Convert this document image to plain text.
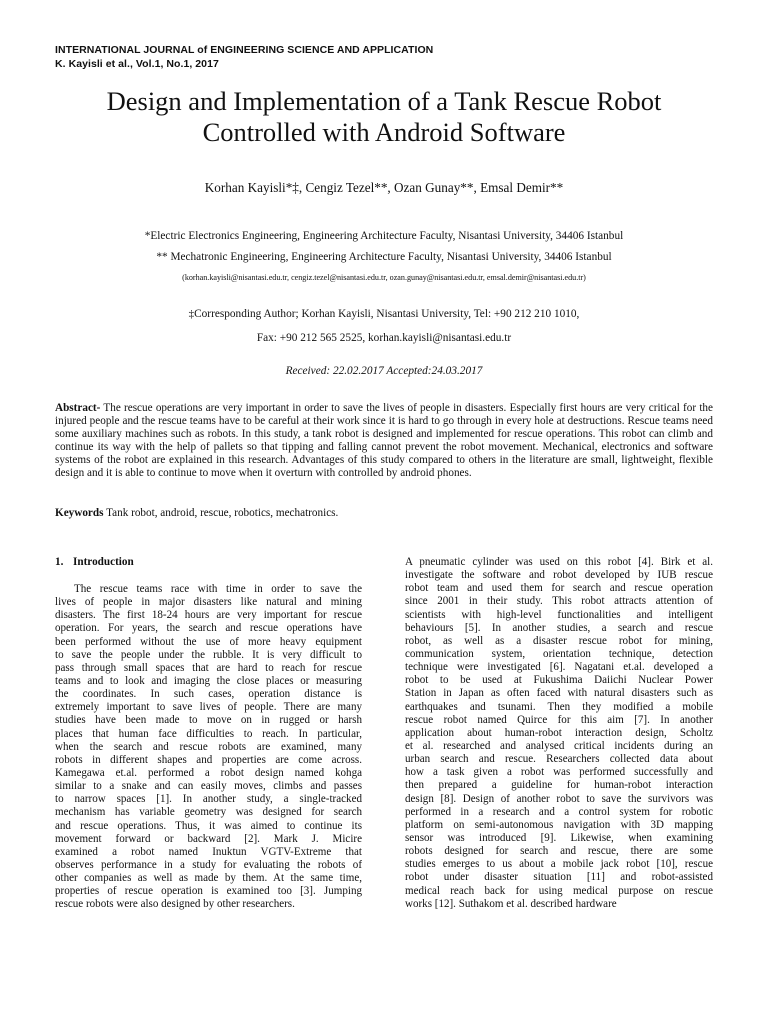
INTERNATIONAL JOURNAL of ENGINEERING SCIENCE AND APPLICATION
K. Kayisli et al., Vol.1, No.1, 2017
Design and Implementation of a Tank Rescue Robot
Controlled with Android Software
Korhan Kayisli*‡, Cengiz Tezel**, Ozan Gunay**, Emsal Demir**
*Electric Electronics Engineering, Engineering Architecture Faculty, Nisantasi University, 34406 Istanbul
** Mechatronic Engineering, Engineering Architecture Faculty, Nisantasi University, 34406 Istanbul
(korhan.kayisli@nisantasi.edu.tr, cengiz.tezel@nisantasi.edu.tr, ozan.gunay@nisantasi.edu.tr, emsal.demir@nisantasi.edu.tr)
‡Corresponding Author; Korhan Kayisli, Nisantasi University, Tel: +90 212 210 1010,
Fax: +90 212 565 2525, korhan.kayisli@nisantasi.edu.tr
Received: 22.02.2017 Accepted:24.03.2017
Abstract- The rescue operations are very important in order to save the lives of people in disasters. Especially first hours are very critical for the injured people and the rescue teams have to be careful at their work since it is hard to go through in every hole at destructions. Rescue teams need some auxiliary machines such as robots. In this study, a tank robot is designed and implemented for rescue operations. This robot can climb and continue its way with the help of pallets so that tipping and falling cannot prevent the robot movement. Mechanical, electronics and software systems of the robot are explained in this research. Advantages of this study compared to others in the literature are small, lightweight, flexible design and it is able to continue to move when it overturn with controlled by android phones.
Keywords Tank robot, android, rescue, robotics, mechatronics.
1. Introduction
The rescue teams race with time in order to save the
lives of people in major disasters like natural and mining
disasters. The first 18-24 hours are very important for rescue
operation. For years, the search and rescue operations have
been performed without the use of more heavy equipment
to save the people under the rubble. It is very difficult to
pass through small spaces that are hard to reach for rescue
teams and to look and imaging the close places or measuring
the coordinates. In such cases, operation distance is
extremely important to save lives of people. There are many
studies have been made to move on in rugged or harsh
places that human face difficulties to reach. In particular,
when the search and rescue robots are examined, many
robots in different shapes and properties are come across.
Kamegawa et.al. performed a robot design named kohga
similar to a snake and can easily moves, climbs and passes
to narrow spaces [1]. In another study, a single-tracked
mechanism has variable geometry was designed for search
and rescue operations. Thus, it was aimed to continue its
movement forward or backward [2]. Mark J. Micire
examined a robot named Inuktun VGTV-Extreme that
observes performance in a study for evaluating the robots of
other companies as well as made by them. At the same time,
properties of rescue operation is examined too [3]. Jumping
rescue robots were also designed by other researchers.
A pneumatic cylinder was used on this robot [4]. Birk et al.
investigate the software and robot developed by IUB rescue
robot team and used them for search and rescue operation
since 2001 in their study. This robot attracts attention of
scientists with high-level functionalities and intelligent
behaviours [5]. In another studies, a search and rescue
robot, as well as a disaster rescue robot for mining,
communication system, orientation technique, detection
technique were investigated [6]. Nagatani et.al. developed a
robot to be used at Fukushima Daiichi Nuclear Power
Station in Japan as often faced with natural disasters such as
earthquakes and tsunami. Then they modified a mobile
rescue robot named Quirce for this aim [7]. In another
application about human-robot interaction design, Scholtz
et al. researched and analysed critical incidents during an
urban search and rescue. Researchers collected data about
how a task given a robot was performed successfully and
then prepared a guideline for human-robot interaction
design [8]. Design of another robot to save the survivors was
performed in a research and a control system for robotic
platform on semi-autonomous navigation with 3D mapping
sensor was introduced [9]. Likewise, when examining
robots designed for search and rescue, there are some
studies emerges to us about a mobile jack robot [10], rescue
robot under disaster situation [11] and robot-assisted
medical reach back for using medical purpose on rescue
works [12]. Suthakom et al. described hardware
